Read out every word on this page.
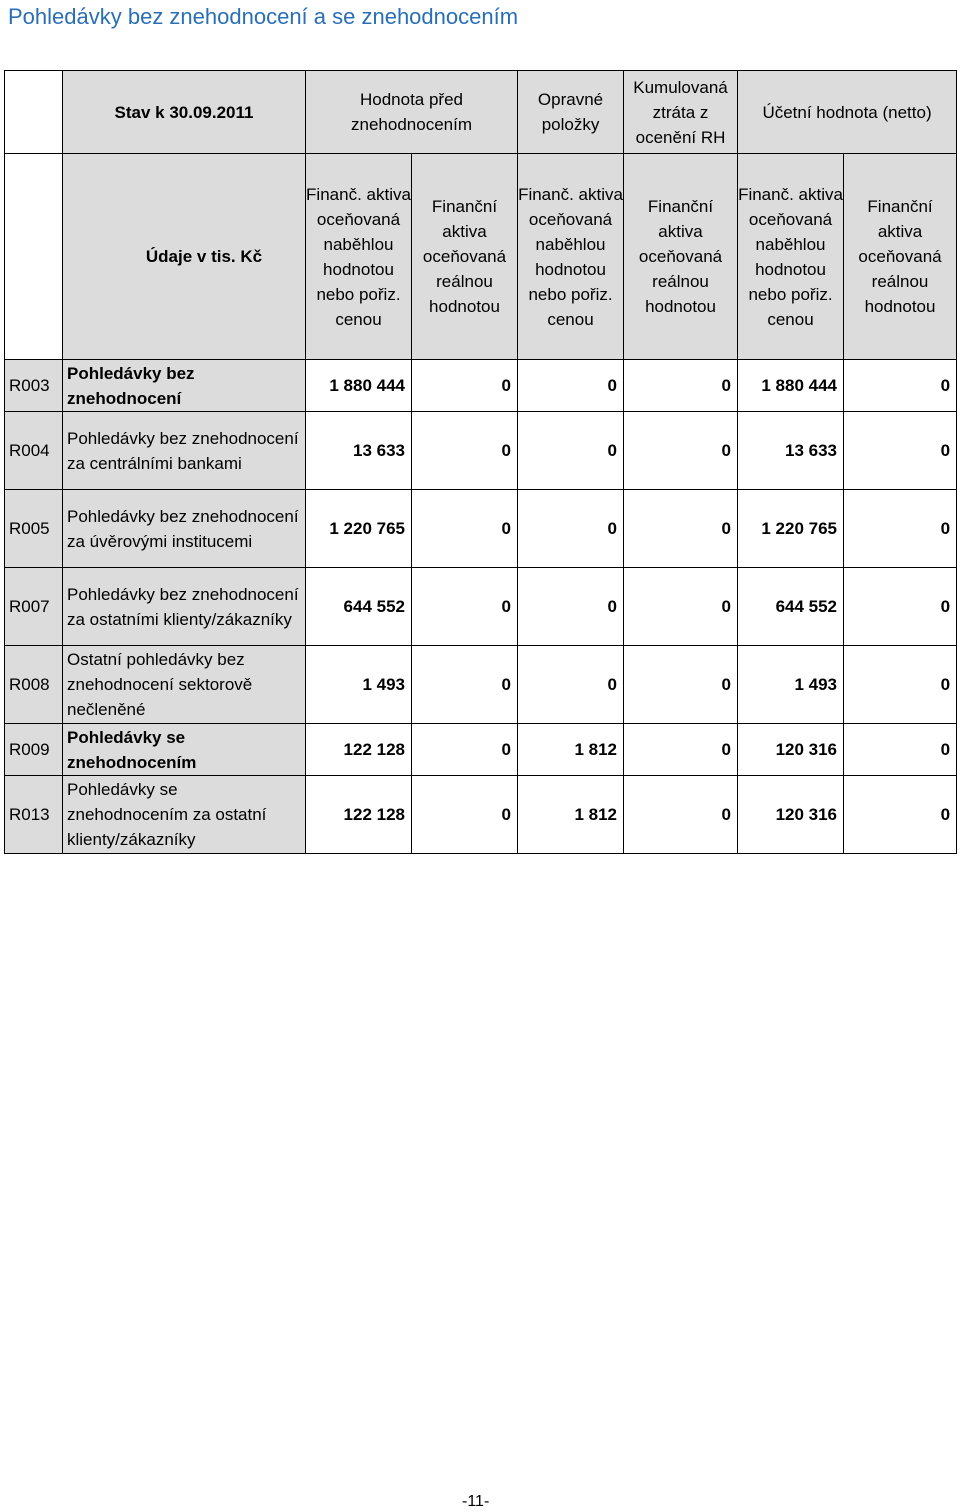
Pohledávky bez znehodnocení a se znehodnocením
	Stav k 30.09.2011	Hodnota před znehodnocením		Opravné položky	Kumulovaná ztráta z ocenění RH	Účetní hodnota (netto)	
	Údaje v tis. Kč	Finanč. aktiva oceňovaná naběhlou hodnotou nebo pořiz. cenou	Finanční aktiva oceňovaná reálnou hodnotou	Finanč. aktiva oceňovaná naběhlou hodnotou nebo pořiz. cenou	Finanční aktiva oceňovaná reálnou hodnotou	Finanč. aktiva oceňovaná naběhlou hodnotou nebo pořiz. cenou	Finanční aktiva oceňovaná reálnou hodnotou
R003	Pohledávky bez znehodnocení	1 880 444	0	0	0	1 880 444	0
R004	Pohledávky bez znehodnocení za centrálními bankami	13 633	0	0	0	13 633	0
R005	Pohledávky bez znehodnocení za úvěrovými institucemi	1 220 765	0	0	0	1 220 765	0
R007	Pohledávky bez znehodnocení za ostatními klienty/zákazníky	644 552	0	0	0	644 552	0
R008	Ostatní pohledávky bez znehodnocení sektorově nečleněné	1 493	0	0	0	1 493	0
R009	Pohledávky se znehodnocením	122 128	0	1 812	0	120 316	0
R013	Pohledávky se znehodnocením za ostatní klienty/zákazníky	122 128	0	1 812	0	120 316	0
-11-
